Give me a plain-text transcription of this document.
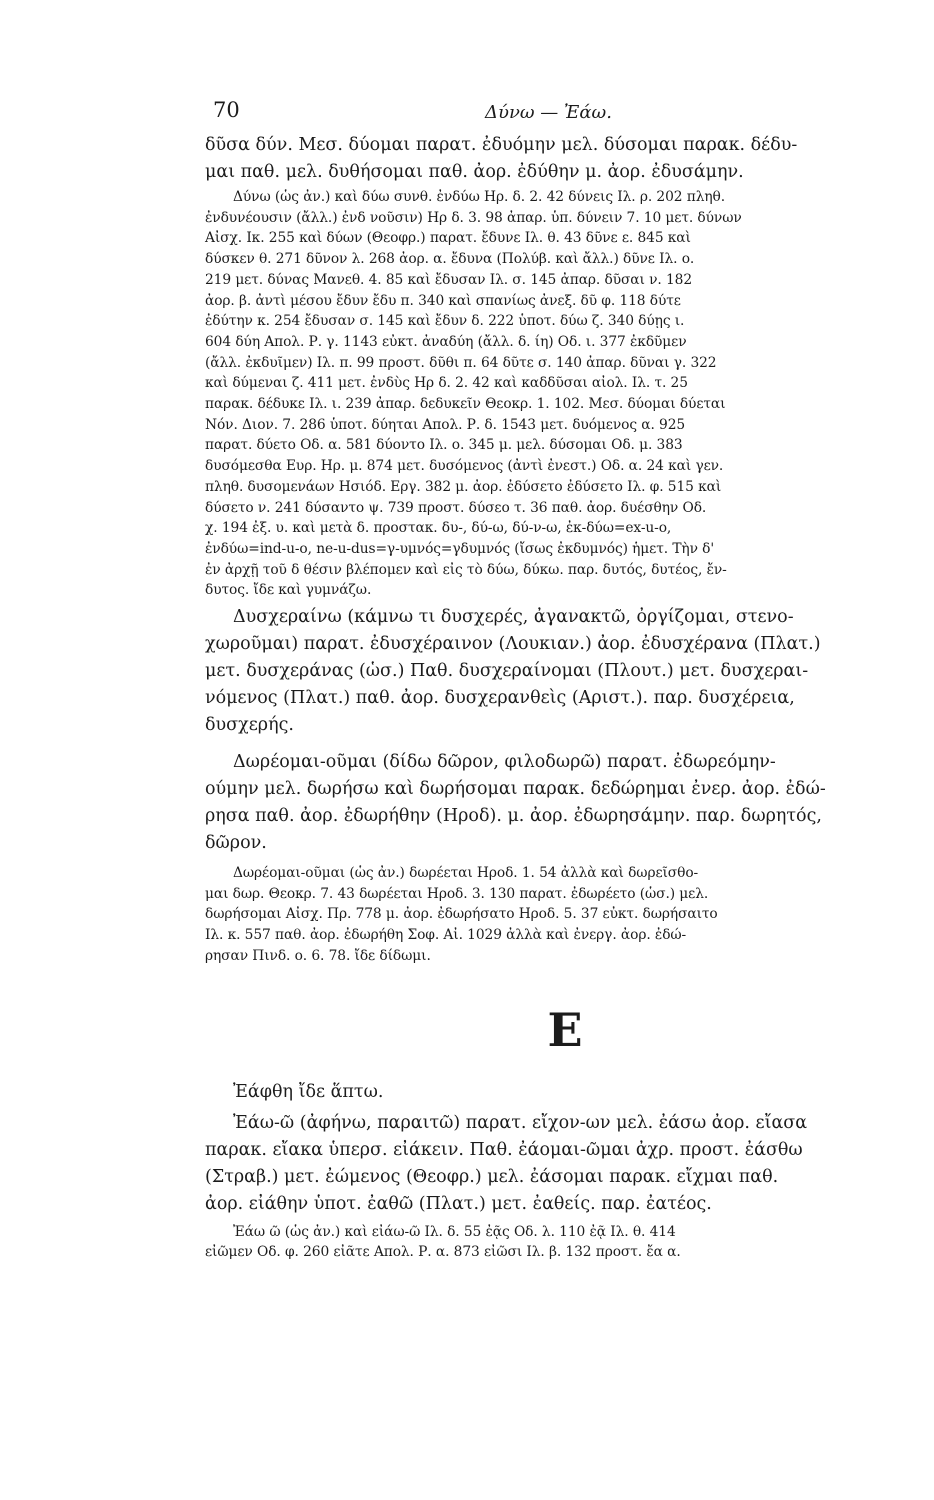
70	Δύνω — Ἐάω.
δῦσα δύν. Μεσ. δύομαι παρατ. ἐδυόμην μελ. δύσομαι παρακ. δέδυ-
μαι παθ. μελ. δυθήσομαι παθ. ἀορ. ἐδύθην μ. ἀορ. ἐδυσάμην.
Δύνω (ὡς ἀν.) καὶ δύω συνθ. ἐνδύω Ηρ. δ. 2. 42 δύνεις Ιλ. ρ. 202 πληθ.
ἐνδυνέουσιν (ἄλλ.) ἐνδ νοῦσιν) Ηρ δ. 3. 98 ἀπαρ. ὑπ. δύνειν 7. 10 μετ. δύνων
Αἰσχ. Ικ. 255 καὶ δύων (Θεοφρ.) παρατ. ἔδυνε Ιλ. θ. 43 δῦνε ε. 845 καὶ
δύσκεν θ. 271 δῦνον λ. 268 ἀορ. α. ἔδυνα (Πολύβ. καὶ ἄλλ.) δῦνε Ιλ. ο.
219 μετ. δύνας Μανεθ. 4. 85 καὶ ἔδυσαν Ιλ. σ. 145 ἀπαρ. δῦσαι ν. 182
ἀορ. β. ἀντὶ μέσου ἔδυν ἔδυ π. 340 καὶ σπανίως ἀνεξ. δῦ φ. 118 δύτε
ἐδύτην κ. 254 ἔδυσαν σ. 145 καὶ ἔδυν δ. 222 ὑποτ. δύω ζ. 340 δύῃς ι.
604 δύη Απολ. Ρ. γ. 1143 εὐκτ. ἀναδύη (ἄλλ. δ. ίη) Οδ. ι. 377 ἐκδῦμεν
(ἄλλ. ἐκδυῖμεν) Ιλ. π. 99 προστ. δῦθι π. 64 δῦτε σ. 140 ἀπαρ. δῦναι γ. 322
καὶ δύμεναι ζ. 411 μετ. ἐνδὺς Ηρ δ. 2. 42 καὶ καδδῦσαι αἰολ. Ιλ. τ. 25
παρακ. δέδυκε Ιλ. ι. 239 ἀπαρ. δεδυκεῖν Θεοκρ. 1. 102. Μεσ. δύομαι δύεται
Νόν. Διον. 7. 286 ὑποτ. δύηται Απολ. Ρ. δ. 1543 μετ. δυόμενος α. 925
παρατ. δύετο Οδ. α. 581 δύοντο Ιλ. ο. 345 μ. μελ. δύσομαι Οδ. μ. 383
δυσόμεσθα Ευρ. Ηρ. μ. 874 μετ. δυσόμενος (ἀντὶ ἐνεστ.) Οδ. α. 24 καὶ γεν.
πληθ. δυσομενάων Ησιόδ. Εργ. 382 μ. ἀορ. ἐδύσετο ἐδύσετο Ιλ. φ. 515 καὶ
δύσετο ν. 241 δύσαντο ψ. 739 προστ. δύσεο τ. 36 παθ. ἀορ. δυέσθην Οδ.
χ. 194 ἐξ. υ. καὶ μετὰ δ. προστακ. δυ-, δύ-ω, δύ-ν-ω, ἐκ-δύω=ex-u-o,
ἐνδύω=ind-u-o, ne-u-dus=γ-υμνός=γδυμνός (ἴσως ἐκδυμνός) ἡμετ. Τὴν δ'
ἐν ἀρχῇ τοῦ δ θέσιν βλέπομεν καὶ εἰς τὸ δύω, δύκω. παρ. δυτός, δυτέος, ἔν-
δυτος. ἴδε καὶ γυμνάζω.
Δυσχεραίνω (κάμνω τι δυσχερές, ἀγανακτῶ, ὀργίζομαι, στενο-
χωροῦμαι) παρατ. ἐδυσχέραινον (Λουκιαν.) ἀορ. ἐδυσχέρανα (Πλατ.)
μετ. δυσχεράνας (ὡσ.) Παθ. δυσχεραίνομαι (Πλουτ.) μετ. δυσχεραι-
νόμενος (Πλατ.) παθ. ἀορ. δυσχερανθεὶς (Αριστ.). παρ. δυσχέρεια,
δυσχερής.
Δωρέομαι-οῦμαι (δίδω δῶρον, φιλοδωρῶ) παρατ. ἐδωρεόμην-
ούμην μελ. δωρήσω καὶ δωρήσομαι παρακ. δεδώρημαι ἐνερ. ἀορ. ἐδώ-
ρησα παθ. ἀορ. ἐδωρήθην (Ηροδ). μ. ἀορ. ἐδωρησάμην. παρ. δωρητός,
δῶρον.
Δωρέομαι-οῦμαι (ὡς ἀν.) δωρέεται Ηροδ. 1. 54 ἀλλὰ καὶ δωρεῖσθο-
μαι δωρ. Θεοκρ. 7. 43 δωρέεται Ηροδ. 3. 130 παρατ. ἐδωρέετο (ὡσ.) μελ.
δωρήσομαι Αἰσχ. Πρ. 778 μ. ἀορ. ἐδωρήσατο Ηροδ. 5. 37 εὐκτ. δωρήσαιτο
Ιλ. κ. 557 παθ. ἀορ. ἐδωρήθη Σοφ. Αἰ. 1029 ἀλλὰ καὶ ἐνεργ. ἀορ. ἐδώ-
ρησαν Πινδ. ο. 6. 78. ἴδε δίδωμι.
E
Ἐάφθη ἴδε ἅπτω.
Ἐάω-ῶ (ἀφήνω, παραιτῶ) παρατ. εἴχον-ων μελ. ἐάσω ἀορ. εἴασα
παρακ. εἴακα ὑπερσ. εἰάκειν. Παθ. ἐάομαι-ῶμαι ἀχρ. προστ. ἐάσθω
(Στραβ.) μετ. ἐώμενος (Θεοφρ.) μελ. ἐάσομαι παρακ. εἴχμαι παθ.
ἀορ. εἰάθην ὑποτ. ἐαθῶ (Πλατ.) μετ. ἐαθείς. παρ. ἐατέος.
Ἐάω ῶ (ὡς ἀν.) καὶ εἰάω-ῶ Ιλ. δ. 55 ἐᾷς Οδ. λ. 110 ἐᾷ Ιλ. θ. 414
εἰῶμεν Οδ. φ. 260 εἰᾶτε Απολ. Ρ. α. 873 εἰῶσι Ιλ. β. 132 προστ. ἔα α.
